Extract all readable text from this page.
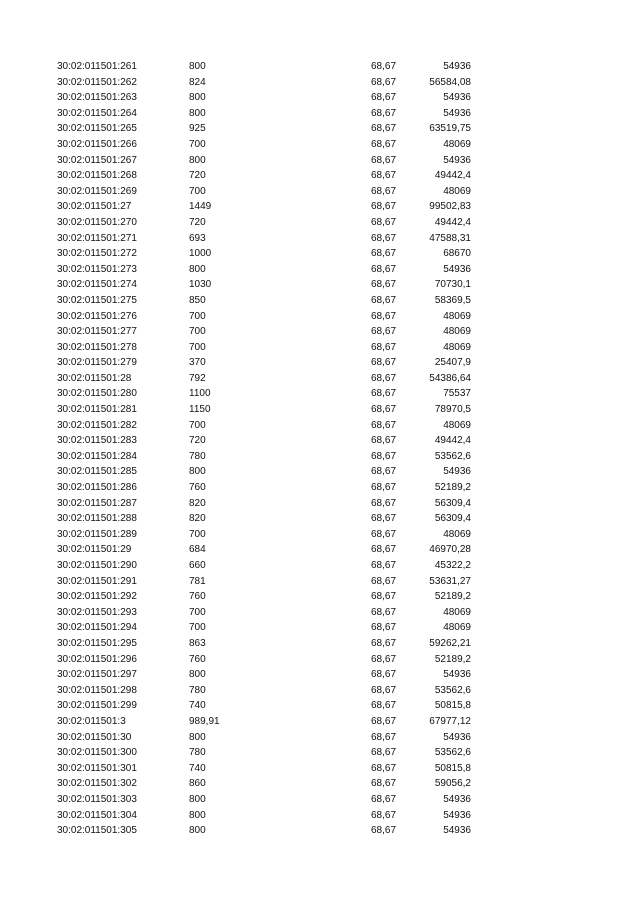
30:02:011501:261	800	68,67	54936
30:02:011501:262	824	68,67	56584,08
30:02:011501:263	800	68,67	54936
30:02:011501:264	800	68,67	54936
30:02:011501:265	925	68,67	63519,75
30:02:011501:266	700	68,67	48069
30:02:011501:267	800	68,67	54936
30:02:011501:268	720	68,67	49442,4
30:02:011501:269	700	68,67	48069
30:02:011501:27	1449	68,67	99502,83
30:02:011501:270	720	68,67	49442,4
30:02:011501:271	693	68,67	47588,31
30:02:011501:272	1000	68,67	68670
30:02:011501:273	800	68,67	54936
30:02:011501:274	1030	68,67	70730,1
30:02:011501:275	850	68,67	58369,5
30:02:011501:276	700	68,67	48069
30:02:011501:277	700	68,67	48069
30:02:011501:278	700	68,67	48069
30:02:011501:279	370	68,67	25407,9
30:02:011501:28	792	68,67	54386,64
30:02:011501:280	1100	68,67	75537
30:02:011501:281	1150	68,67	78970,5
30:02:011501:282	700	68,67	48069
30:02:011501:283	720	68,67	49442,4
30:02:011501:284	780	68,67	53562,6
30:02:011501:285	800	68,67	54936
30:02:011501:286	760	68,67	52189,2
30:02:011501:287	820	68,67	56309,4
30:02:011501:288	820	68,67	56309,4
30:02:011501:289	700	68,67	48069
30:02:011501:29	684	68,67	46970,28
30:02:011501:290	660	68,67	45322,2
30:02:011501:291	781	68,67	53631,27
30:02:011501:292	760	68,67	52189,2
30:02:011501:293	700	68,67	48069
30:02:011501:294	700	68,67	48069
30:02:011501:295	863	68,67	59262,21
30:02:011501:296	760	68,67	52189,2
30:02:011501:297	800	68,67	54936
30:02:011501:298	780	68,67	53562,6
30:02:011501:299	740	68,67	50815,8
30:02:011501:3	989,91	68,67	67977,12
30:02:011501:30	800	68,67	54936
30:02:011501:300	780	68,67	53562,6
30:02:011501:301	740	68,67	50815,8
30:02:011501:302	860	68,67	59056,2
30:02:011501:303	800	68,67	54936
30:02:011501:304	800	68,67	54936
30:02:011501:305	800	68,67	54936
